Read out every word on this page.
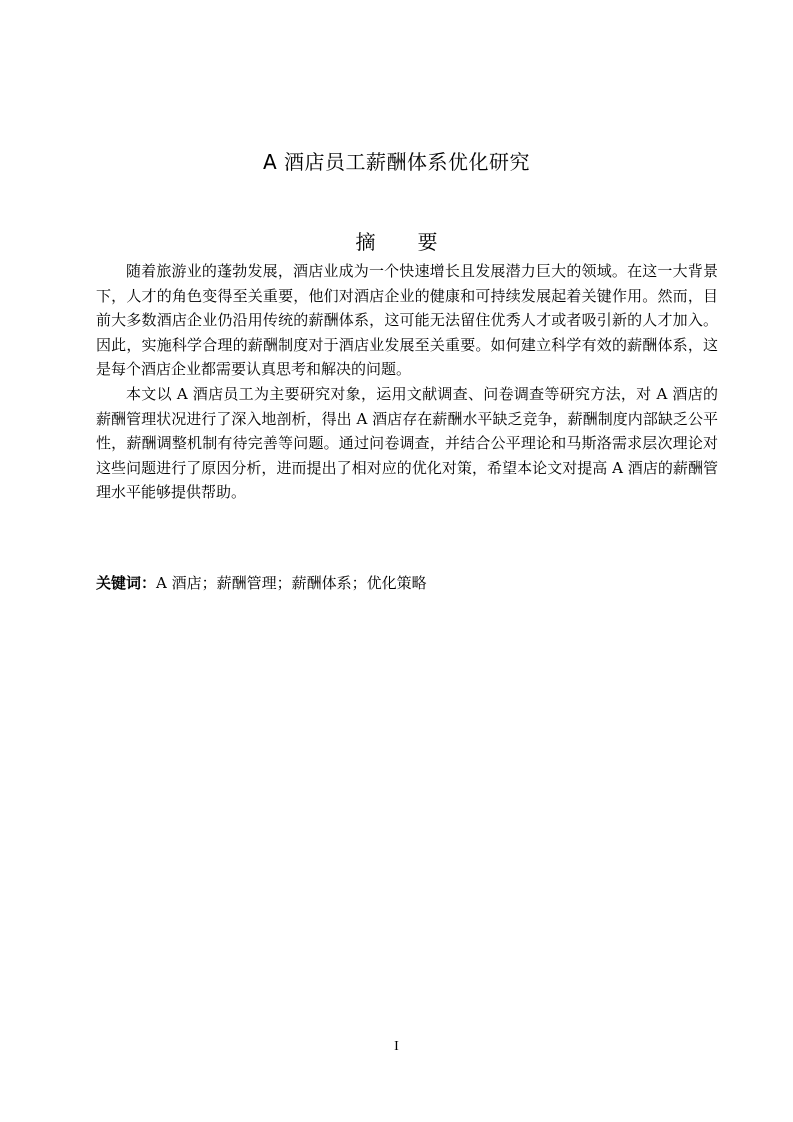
A 酒店员工薪酬体系优化研究
摘 要

随着旅游业的蓬勃发展，酒店业成为一个快速增长且发展潜力巨大的领域。在这一大背景下，人才的角色变得至关重要，他们对酒店企业的健康和可持续发展起着关键作用。然而，目前大多数酒店企业仍沿用传统的薪酬体系，这可能无法留住优秀人才或者吸引新的人才加入。因此，实施科学合理的薪酬制度对于酒店业发展至关重要。如何建立科学有效的薪酬体系，这是每个酒店企业都需要认真思考和解决的问题。

本文以 A 酒店员工为主要研究对象，运用文献调查、问卷调查等研究方法，对 A 酒店的薪酬管理状况进行了深入地剖析，得出 A 酒店存在薪酬水平缺乏竞争，薪酬制度内部缺乏公平性，薪酬调整机制有待完善等问题。通过问卷调查，并结合公平理论和马斯洛需求层次理论对这些问题进行了原因分析，进而提出了相对应的优化对策，希望本论文对提高 A 酒店的薪酬管理水平能够提供帮助。

关键词：A 酒店；薪酬管理；薪酬体系；优化策略
I
